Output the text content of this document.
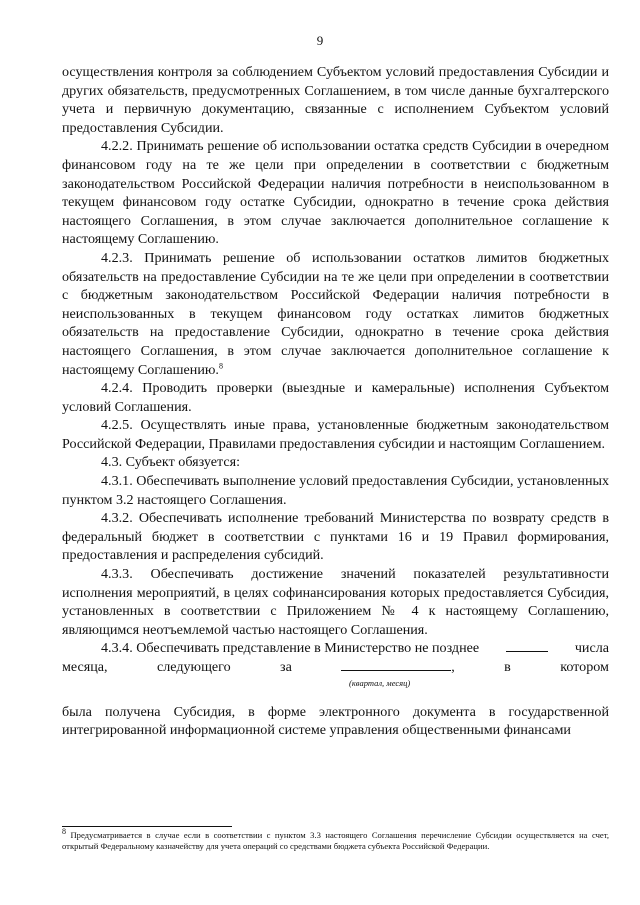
9

осуществления контроля за соблюдением Субъектом условий предоставления Субсидии и других обязательств, предусмотренных Соглашением, в том числе данные бухгалтерского учета и первичную документацию, связанные с исполнением Субъектом условий предоставления Субсидии.

4.2.2. Принимать решение об использовании остатка средств Субсидии в очередном финансовом году на те же цели при определении в соответствии с бюджетным законодательством Российской Федерации наличия потребности в неиспользованном в текущем финансовом году остатке Субсидии, однократно в течение срока действия настоящего Соглашения, в этом случае заключается дополнительное соглашение к настоящему Соглашению.

4.2.3. Принимать решение об использовании остатков лимитов бюджетных обязательств на предоставление Субсидии на те же цели при определении в соответствии с бюджетным законодательством Российской Федерации наличия потребности в неиспользованных в текущем финансовом году остатках лимитов бюджетных обязательств на предоставление Субсидии, однократно в течение срока действия настоящего Соглашения, в этом случае заключается дополнительное соглашение к настоящему Соглашению.$^8$

4.2.4. Проводить проверки (выездные и камеральные) исполнения Субъектом условий Соглашения.

4.2.5. Осуществлять иные права, установленные бюджетным законодательством Российской Федерации, Правилами предоставления субсидии и настоящим Соглашением.

4.3. Субъект обязуется:

4.3.1. Обеспечивать выполнение условий предоставления Субсидии, установленных пунктом 3.2 настоящего Соглашения.

4.3.2. Обеспечивать исполнение требований Министерства по возврату средств в федеральный бюджет в соответствии с пунктами 16 и 19 Правил формирования, предоставления и распределения субсидий.

4.3.3. Обеспечивать достижение значений показателей результативности исполнения мероприятий, в целях софинансирования которых предоставляется Субсидия, установленных в соответствии с Приложением № 4 к настоящему Соглашению, являющимся неотъемлемой частью настоящего Соглашения.

4.3.4. Обеспечивать представление в Министерство не позднее	числа
месяца,	следующего	за	,	в	котором
(квартал, месяц)

была получена Субсидия, в форме электронного документа в государственной интегрированной информационной системе управления общественными финансами

$^8$ Предусматривается в случае если в соответствии с пунктом 3.3 настоящего Соглашения перечисление Субсидии осуществляется на счет, открытый Федеральному казначейству для учета операций со средствами бюджета субъекта Российской Федерации.
